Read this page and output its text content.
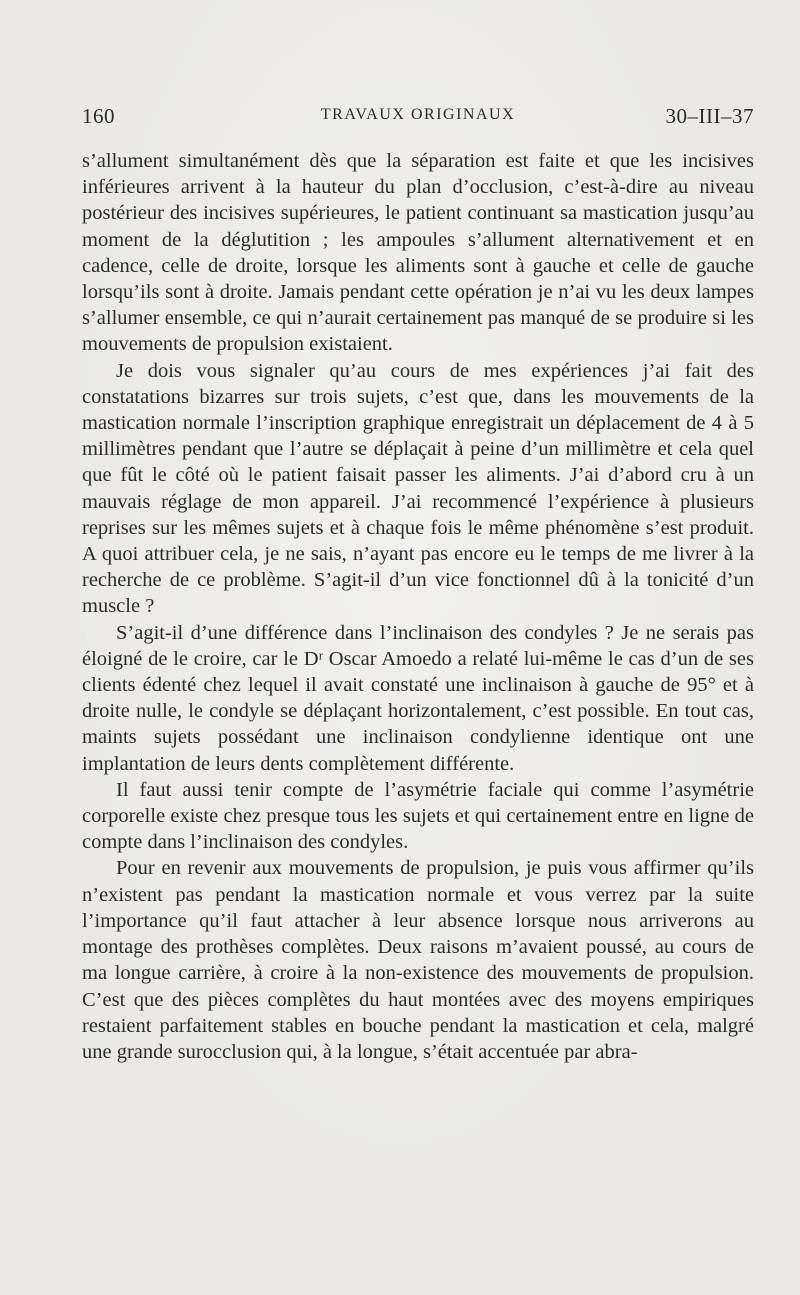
160	TRAVAUX ORIGINAUX	30–III–37

s’allument simultanément dès que la séparation est faite et que les incisives inférieures arrivent à la hauteur du plan d’occlusion, c’est-à-dire au niveau postérieur des incisives supérieures, le patient continuant sa mastication jusqu’au moment de la déglutition ; les ampoules s’allument alternativement et en cadence, celle de droite, lorsque les aliments sont à gauche et celle de gauche lorsqu’ils sont à droite. Jamais pendant cette opération je n’ai vu les deux lampes s’allumer ensemble, ce qui n’aurait certainement pas manqué de se produire si les mouvements de propulsion existaient.

Je dois vous signaler qu’au cours de mes expériences j’ai fait des constatations bizarres sur trois sujets, c’est que, dans les mouvements de la mastication normale l’inscription graphique enregistrait un déplacement de 4 à 5 millimètres pendant que l’autre se déplaçait à peine d’un millimètre et cela quel que fût le côté où le patient faisait passer les aliments. J’ai d’abord cru à un mauvais réglage de mon appareil. J’ai recommencé l’expérience à plusieurs reprises sur les mêmes sujets et à chaque fois le même phénomène s’est produit. A quoi attribuer cela, je ne sais, n’ayant pas encore eu le temps de me livrer à la recherche de ce problème. S’agit-il d’un vice fonctionnel dû à la tonicité d’un muscle ?

S’agit-il d’une différence dans l’inclinaison des condyles ? Je ne serais pas éloigné de le croire, car le Dʳ Oscar Amoedo a relaté lui-même le cas d’un de ses clients édenté chez lequel il avait constaté une inclinaison à gauche de 95° et à droite nulle, le condyle se déplaçant horizontalement, c’est possible. En tout cas, maints sujets possédant une inclinaison condylienne identique ont une implantation de leurs dents complètement différente.

Il faut aussi tenir compte de l’asymétrie faciale qui comme l’asymétrie corporelle existe chez presque tous les sujets et qui certainement entre en ligne de compte dans l’inclinaison des condyles.

Pour en revenir aux mouvements de propulsion, je puis vous affirmer qu’ils n’existent pas pendant la mastication normale et vous verrez par la suite l’importance qu’il faut attacher à leur absence lorsque nous arriverons au montage des prothèses complètes. Deux raisons m’avaient poussé, au cours de ma longue carrière, à croire à la non-existence des mouvements de propulsion. C’est que des pièces complètes du haut montées avec des moyens empiriques restaient parfaitement stables en bouche pendant la mastication et cela, malgré une grande surocclusion qui, à la longue, s’était accentuée par abra-
